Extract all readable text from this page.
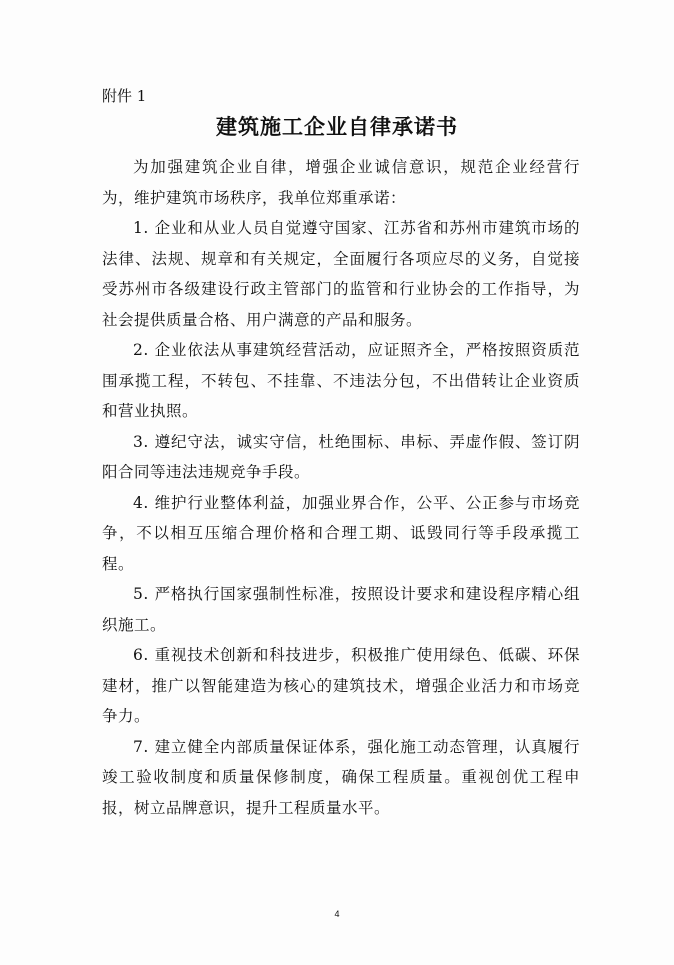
附件 1
建筑施工企业自律承诺书

为加强建筑企业自律，增强企业诚信意识，规范企业经营行为，维护建筑市场秩序，我单位郑重承诺：

1. 企业和从业人员自觉遵守国家、江苏省和苏州市建筑市场的法律、法规、规章和有关规定，全面履行各项应尽的义务，自觉接受苏州市各级建设行政主管部门的监管和行业协会的工作指导，为社会提供质量合格、用户满意的产品和服务。

2. 企业依法从事建筑经营活动，应证照齐全，严格按照资质范围承揽工程，不转包、不挂靠、不违法分包，不出借转让企业资质和营业执照。

3. 遵纪守法，诚实守信，杜绝围标、串标、弄虚作假、签订阴阳合同等违法违规竞争手段。

4. 维护行业整体利益，加强业界合作，公平、公正参与市场竞争，不以相互压缩合理价格和合理工期、诋毁同行等手段承揽工程。

5. 严格执行国家强制性标准，按照设计要求和建设程序精心组织施工。

6. 重视技术创新和科技进步，积极推广使用绿色、低碳、环保建材，推广以智能建造为核心的建筑技术，增强企业活力和市场竞争力。

7. 建立健全内部质量保证体系，强化施工动态管理，认真履行竣工验收制度和质量保修制度，确保工程质量。重视创优工程申报，树立品牌意识，提升工程质量水平。

4
